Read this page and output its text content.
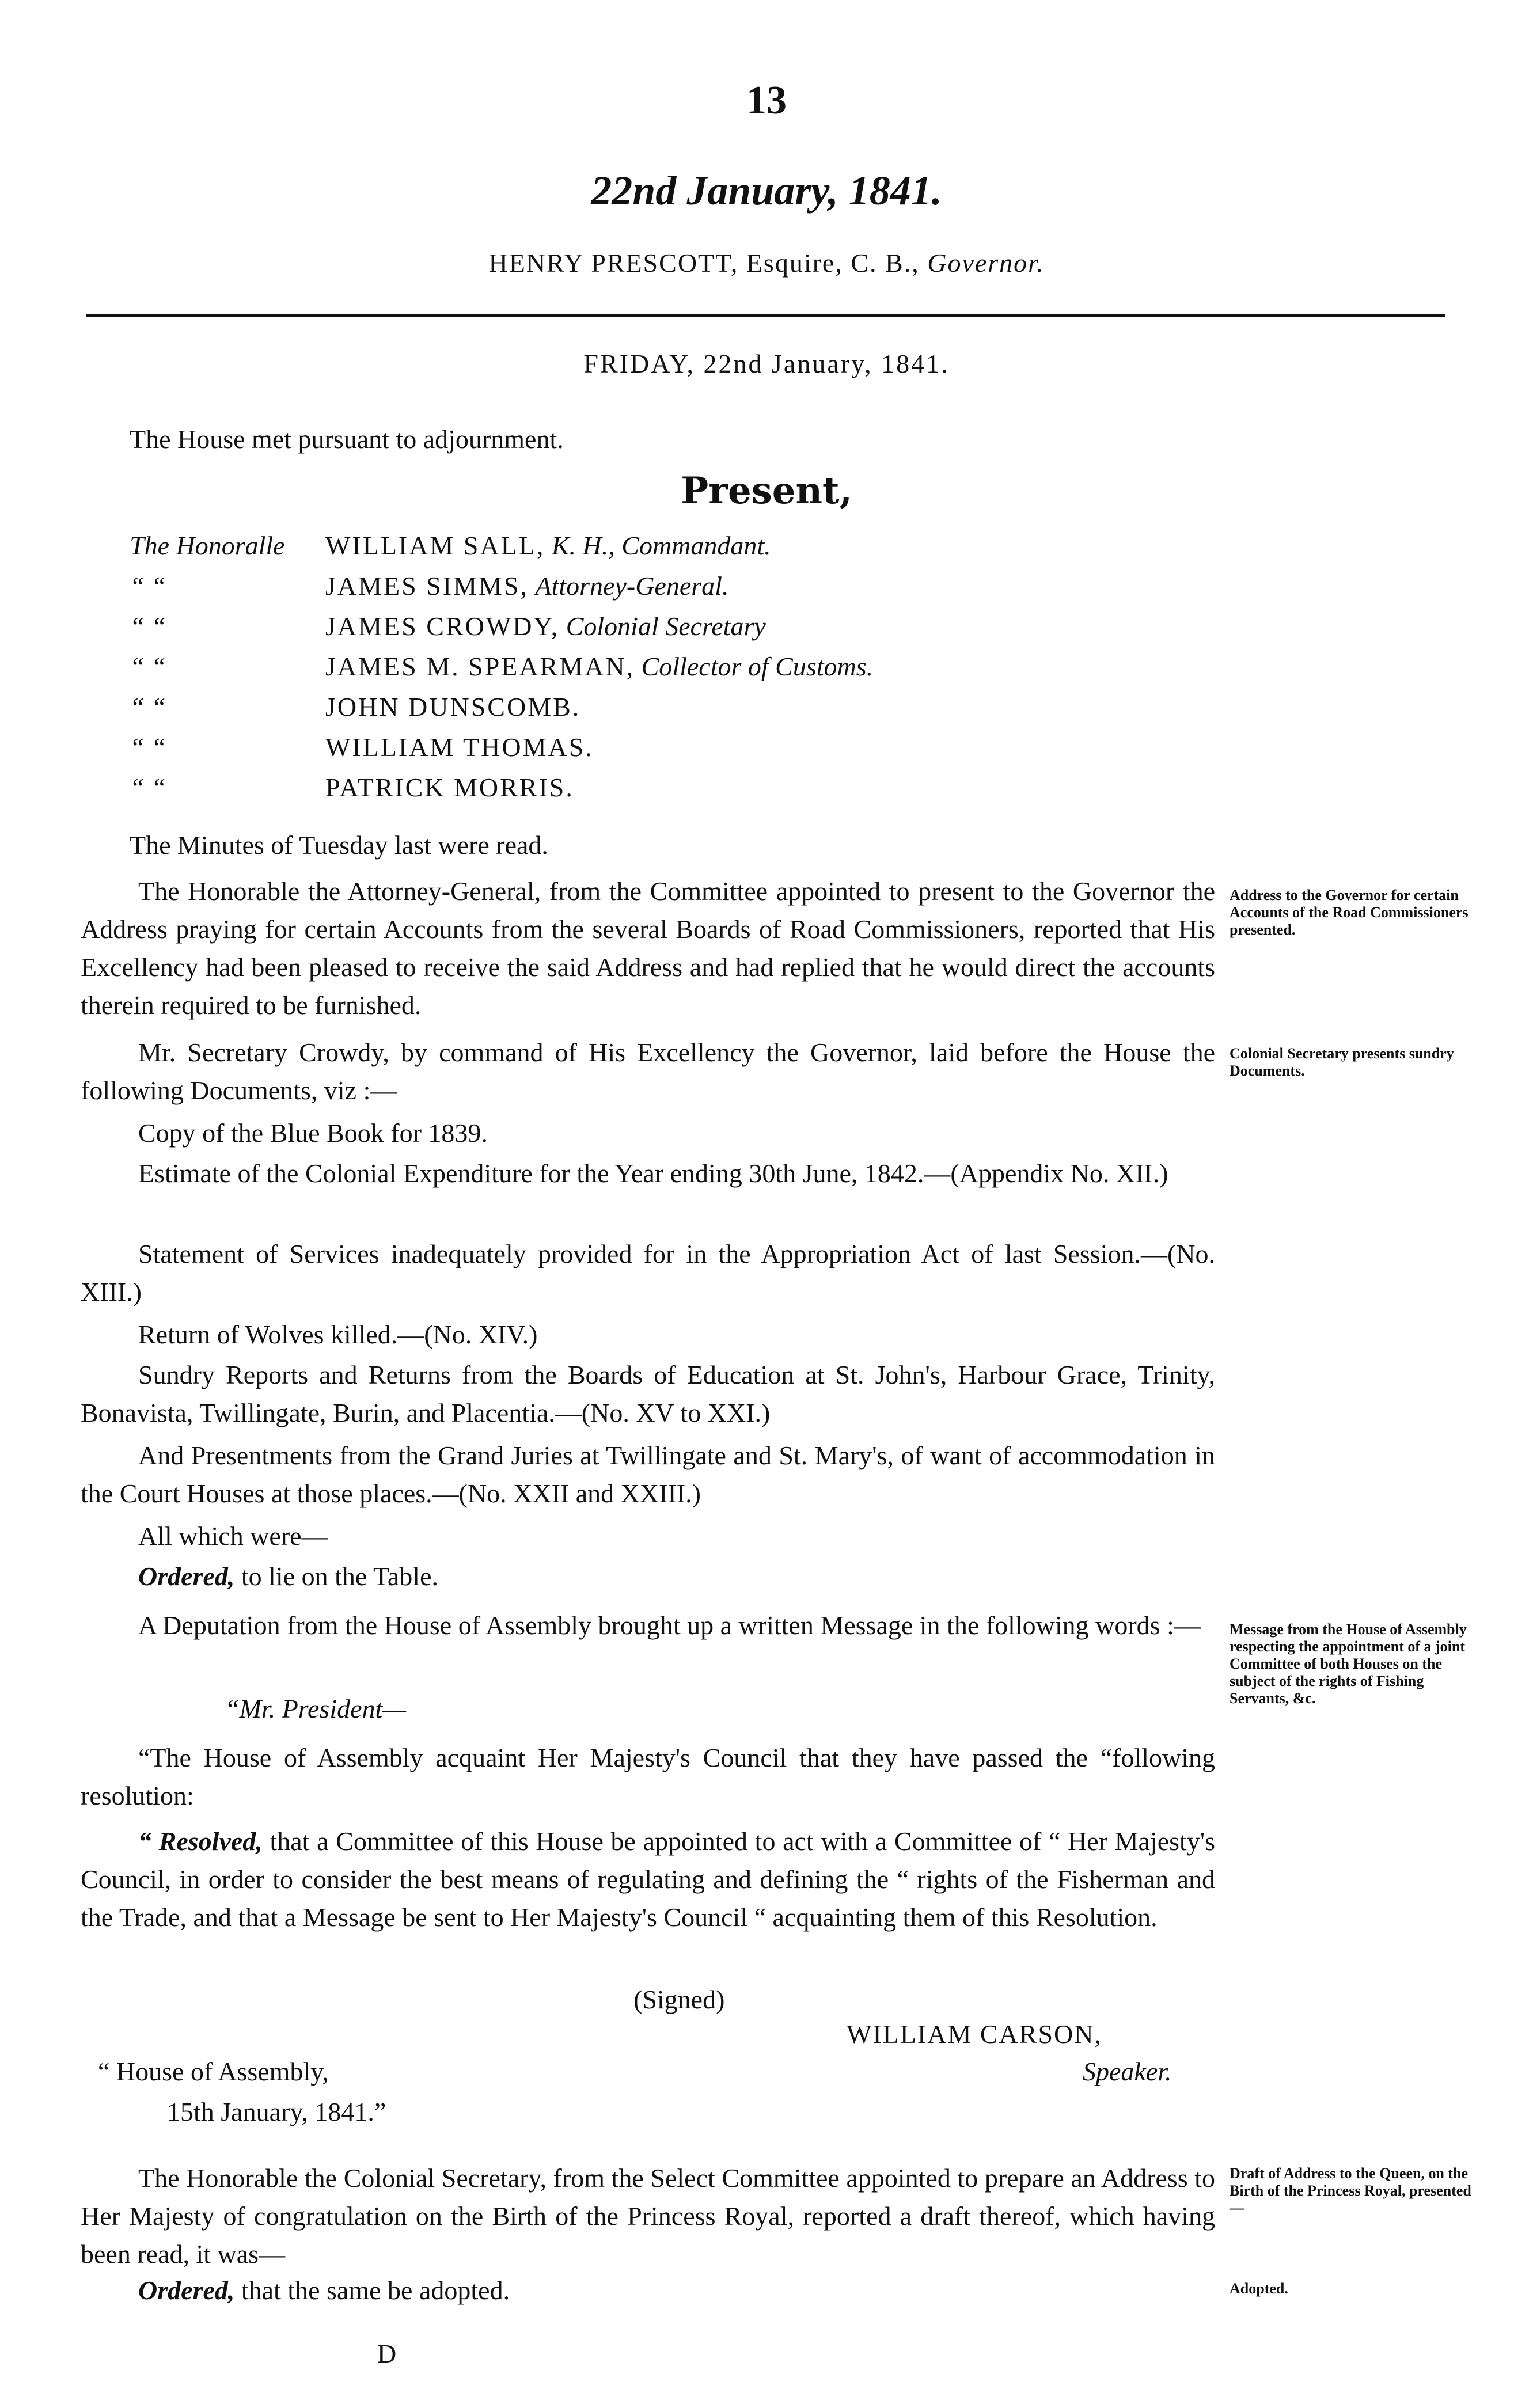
13
22nd January, 1841.
HENRY PRESCOTT, Esquire, C. B., Governor.
FRIDAY, 22nd January, 1841.
The House met pursuant to adjournment.
Present,
The Honoralle WILLIAM SALL, K. H., Commandant.
“ “	JAMES SIMMS, Attorney-General.
“ “	JAMES CROWDY, Colonial Secretary
“ “	JAMES M. SPEARMAN, Collector of Customs.
“ “	JOHN DUNSCOMB.
“ “	WILLIAM THOMAS.
“ “	PATRICK MORRIS.
The Minutes of Tuesday last were read.
The Honorable the Attorney-General, from the Committee appointed to present to the Governor the Address praying for certain Accounts from the several Boards of Road Commissioners, reported that His Excellency had been pleased to receive the said Address and had replied that he would direct the accounts therein required to be furnished.
Mr. Secretary Crowdy, by command of His Excellency the Governor, laid before the House the following Documents, viz :—
Copy of the Blue Book for 1839.
Estimate of the Colonial Expenditure for the Year ending 30th June, 1842.—(Appendix No. XII.)
Statement of Services inadequately provided for in the Appropriation Act of last Session.—(No. XIII.)
Return of Wolves killed.—(No. XIV.)
Sundry Reports and Returns from the Boards of Education at St. John's, Harbour Grace, Trinity, Bonavista, Twillingate, Burin, and Placentia.—(No. XV to XXI.)
And Presentments from the Grand Juries at Twillingate and St. Mary's, of want of accommodation in the Court Houses at those places.—(No. XXII and XXIII.)
All which were—
Ordered, to lie on the Table.
A Deputation from the House of Assembly brought up a written Message in the following words :—
“Mr. President—
“The House of Assembly acquaint Her Majesty's Council that they have passed the “following resolution:
“ Resolved, that a Committee of this House be appointed to act with a Committee of “ Her Majesty's Council, in order to consider the best means of regulating and defining the “ rights of the Fisherman and the Trade, and that a Message be sent to Her Majesty's Council “ acquainting them of this Resolution.
(Signed)
WILLIAM CARSON,
“ House of Assembly,	Speaker.
15th January, 1841.”
The Honorable the Colonial Secretary, from the Select Committee appointed to prepare an Address to Her Majesty of congratulation on the Birth of the Princess Royal, reported a draft thereof, which having been read, it was—
Ordered, that the same be adopted.
D
Address to the Governor for certain Accounts of the Road Commissioners presented.
Colonial Secretary presents sundry Documents.
Message from the House of Assembly respecting the appointment of a joint Committee of both Houses on the subject of the rights of Fishing Servants, &c.
Draft of Address to the Queen, on the Birth of the Princess Royal, presented—
Adopted.
